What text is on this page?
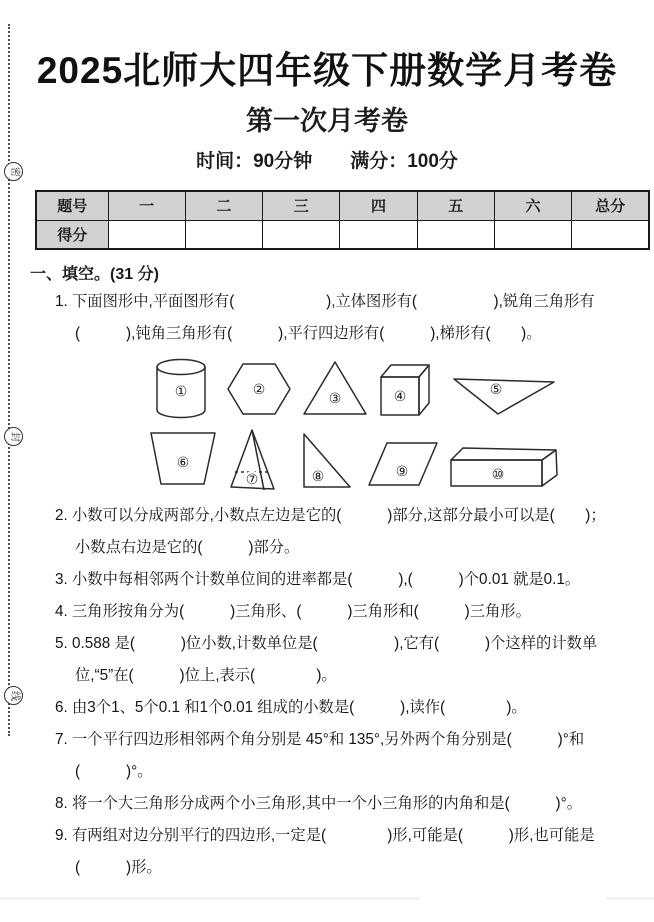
密
封
线
2025北师大四年级下册数学月考卷
第一次月考卷
时间：90分钟　　满分：100分
题号	一	二	三	四	五	六	总分
得分							
一、填空。(31 分)
1. 下面图形中,平面图形有(　　　　　　),立体图形有(　　　　　),锐角三角形有
(　　　),钝角三角形有(　　　),平行四边形有(　　　),梯形有(　　)。
①	②
③	④	⑤
⑥
⑦	⑧	⑨	⑩
2. 小数可以分成两部分,小数点左边是它的(　　　)部分,这部分最小可以是(　　)；
小数点右边是它的(　　　)部分。
3. 小数中每相邻两个计数单位间的进率都是(　　　),(　　　)个0.01 就是0.1。
4. 三角形按角分为(　　　)三角形、(　　　)三角形和(　　　)三角形。
5. 0.588 是(　　　)位小数,计数单位是(　　　　　),它有(　　　)个这样的计数单
位,“5”在(　　　)位上,表示(　　　　)。
6. 由3个1、5个0.1 和1个0.01 组成的小数是(　　　),读作(　　　　)。
7. 一个平行四边形相邻两个角分别是 45°和 135°,另外两个角分别是(　　　)°和
(　　　)°。
8. 将一个大三角形分成两个小三角形,其中一个小三角形的内角和是(　　　)°。
9. 有两组对边分别平行的四边形,一定是(　　　　)形,可能是(　　　)形,也可能是
(　　　)形。
